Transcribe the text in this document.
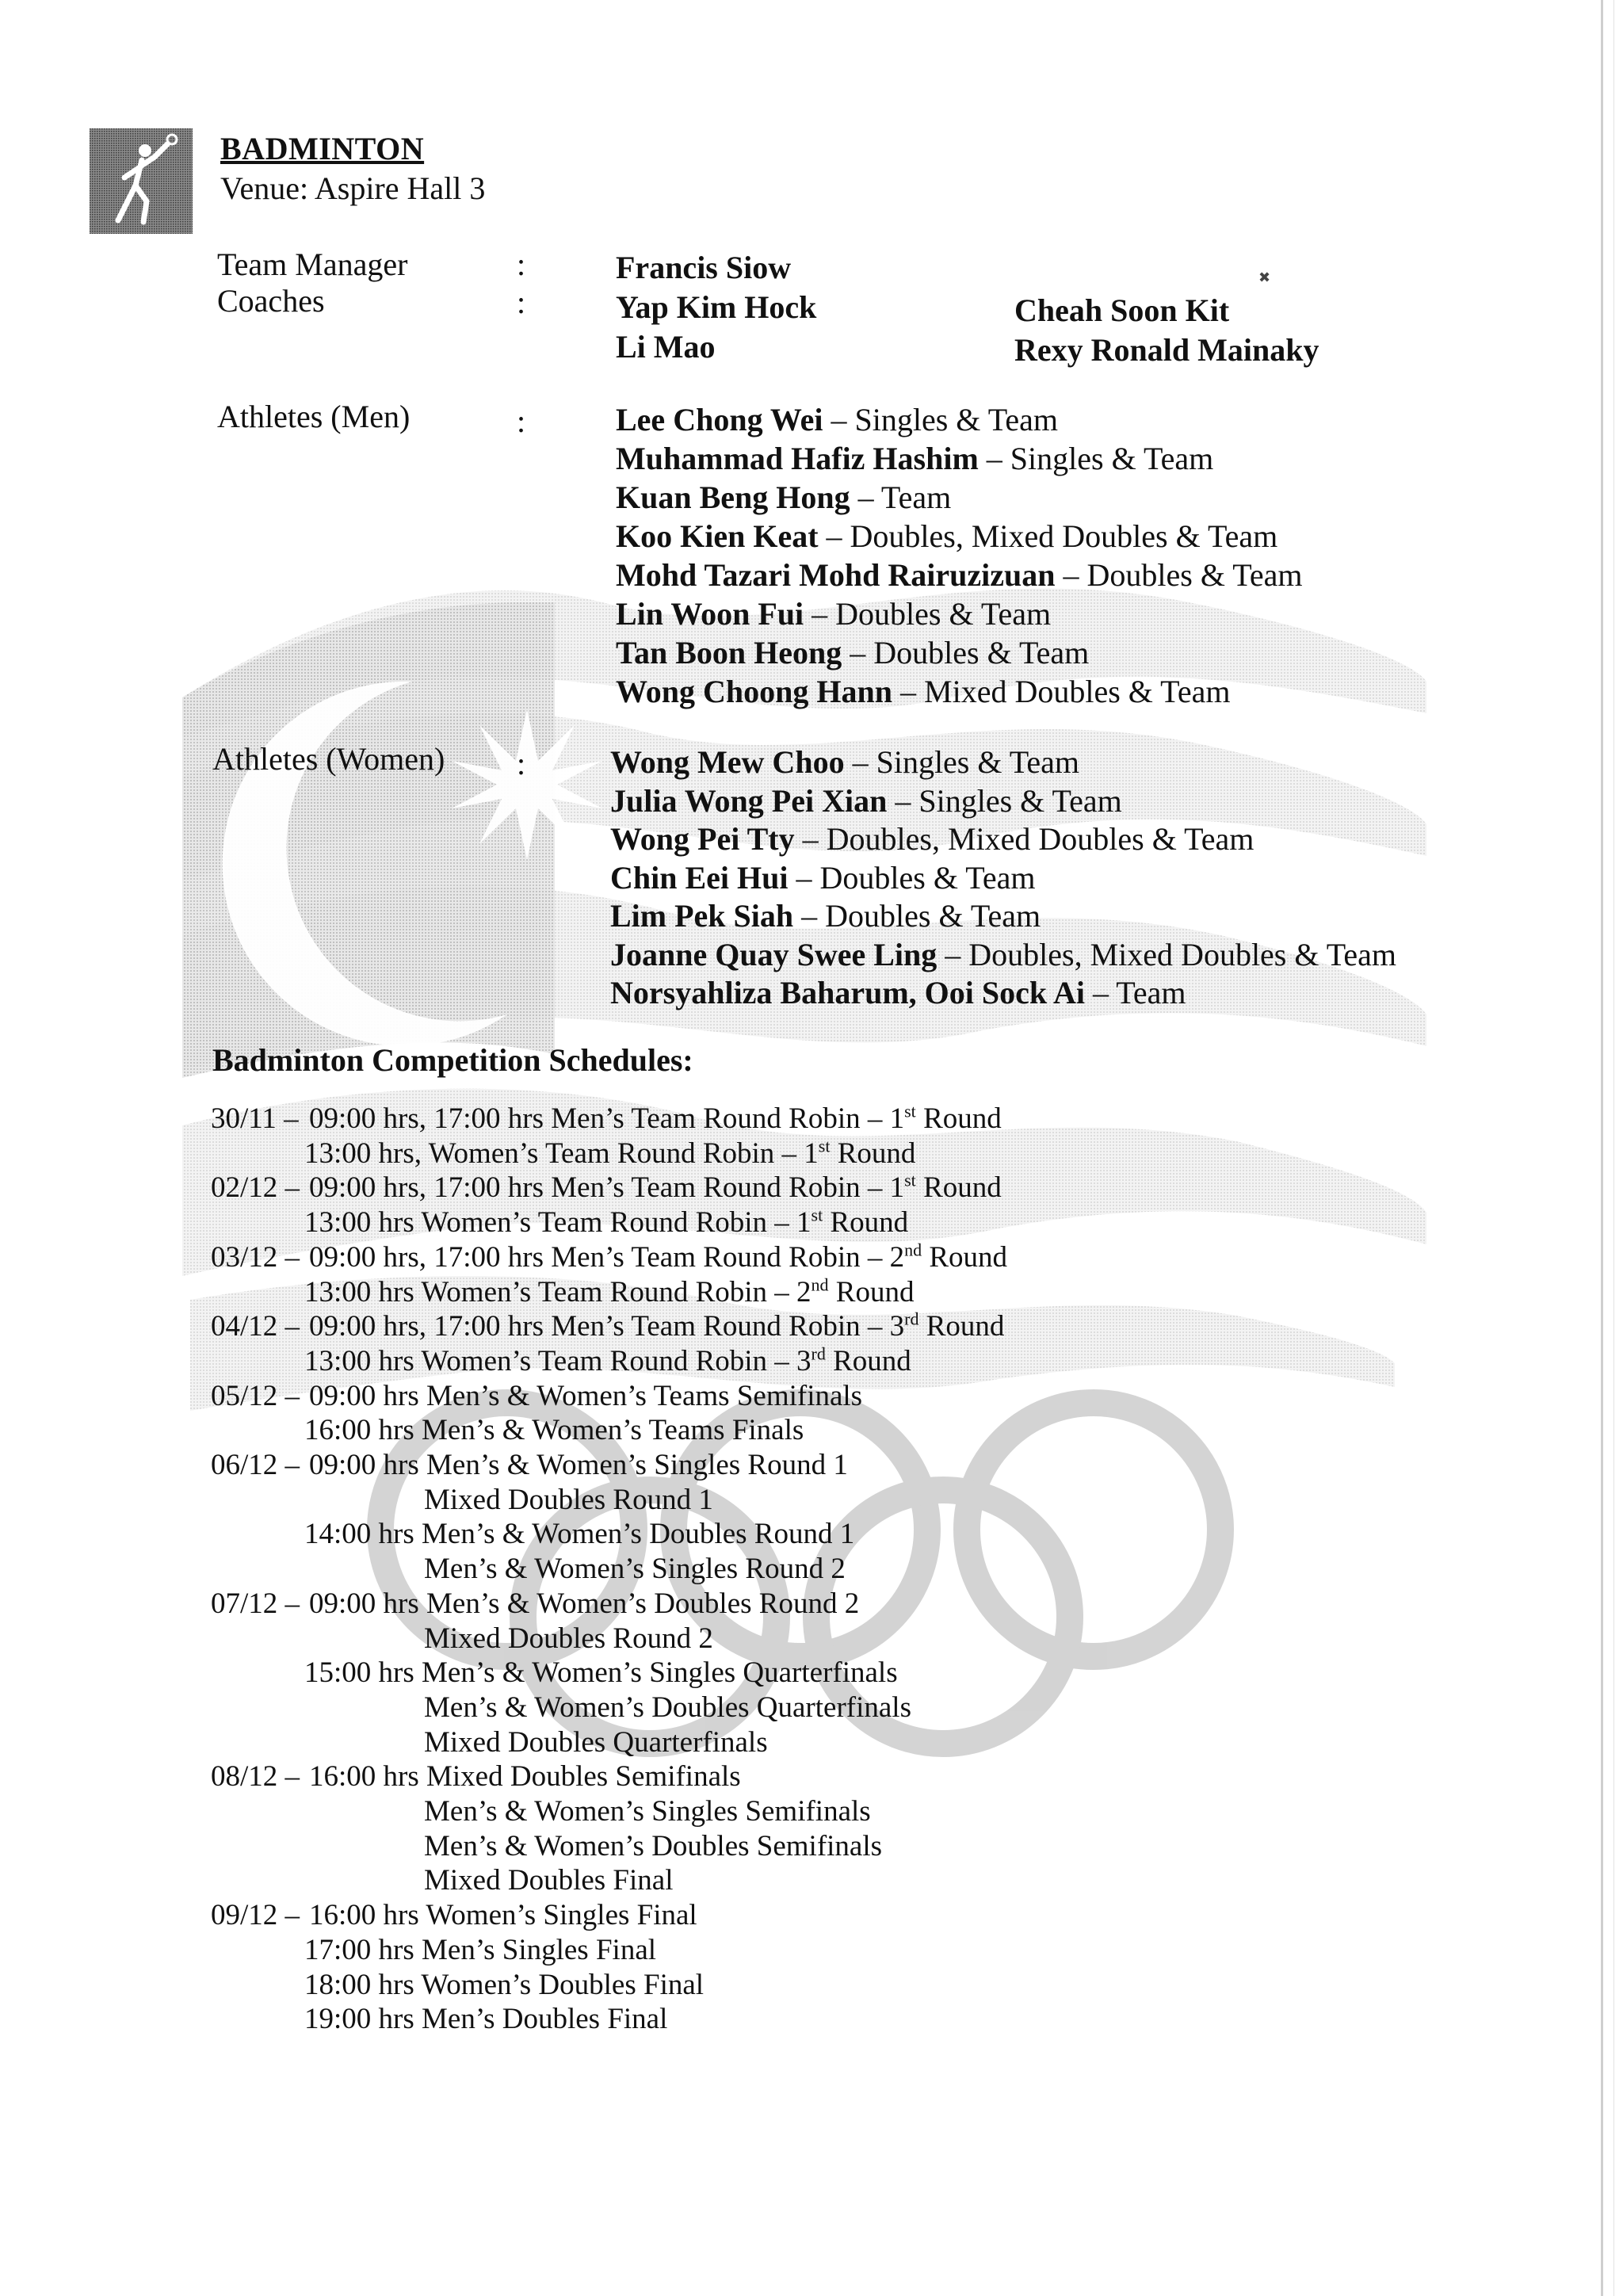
BADMINTON
Venue: Aspire Hall 3
Team Manager	:	Francis Siow
Coaches	:	Yap Kim Hock
Li Mao
Cheah Soon Kit
Rexy Ronald Mainaky
Athletes (Men)	:	Lee Chong Wei – Singles & Team
Muhammad Hafiz Hashim – Singles & Team
Kuan Beng Hong – Team
Koo Kien Keat – Doubles, Mixed Doubles & Team
Mohd Tazari Mohd Rairuzizuan – Doubles & Team
Lin Woon Fui – Doubles & Team
Tan Boon Heong – Doubles & Team
Wong Choong Hann – Mixed Doubles & Team
Athletes (Women) :	Wong Mew Choo – Singles & Team
Julia Wong Pei Xian – Singles & Team
Wong Pei Tty – Doubles, Mixed Doubles & Team
Chin Eei Hui – Doubles & Team
Lim Pek Siah – Doubles & Team
Joanne Quay Swee Ling – Doubles, Mixed Doubles & Team
Norsyahliza Baharum, Ooi Sock Ai – Team
Badminton Competition Schedules:
30/11 – 09:00 hrs, 17:00 hrs Men’s Team Round Robin – 1st Round
13:00 hrs, Women’s Team Round Robin – 1st Round
02/12 – 09:00 hrs, 17:00 hrs Men’s Team Round Robin – 1st Round
13:00 hrs Women’s Team Round Robin – 1st Round
03/12 – 09:00 hrs, 17:00 hrs Men’s Team Round Robin – 2nd Round
13:00 hrs Women’s Team Round Robin – 2nd Round
04/12 – 09:00 hrs, 17:00 hrs Men’s Team Round Robin – 3rd Round
13:00 hrs Women’s Team Round Robin – 3rd Round
05/12 – 09:00 hrs Men’s & Women’s Teams Semifinals
16:00 hrs Men’s & Women’s Teams Finals
06/12 – 09:00 hrs Men’s & Women’s Singles Round 1
Mixed Doubles Round 1
14:00 hrs Men’s & Women’s Doubles Round 1
Men’s & Women’s Singles Round 2
07/12 – 09:00 hrs Men’s & Women’s Doubles Round 2
Mixed Doubles Round 2
15:00 hrs Men’s & Women’s Singles Quarterfinals
Men’s & Women’s Doubles Quarterfinals
Mixed Doubles Quarterfinals
08/12 – 16:00 hrs Mixed Doubles Semifinals
Men’s & Women’s Singles Semifinals
Men’s & Women’s Doubles Semifinals
Mixed Doubles Final
09/12 – 16:00 hrs Women’s Singles Final
17:00 hrs Men’s Singles Final
18:00 hrs Women’s Doubles Final
19:00 hrs Men’s Doubles Final
✖
